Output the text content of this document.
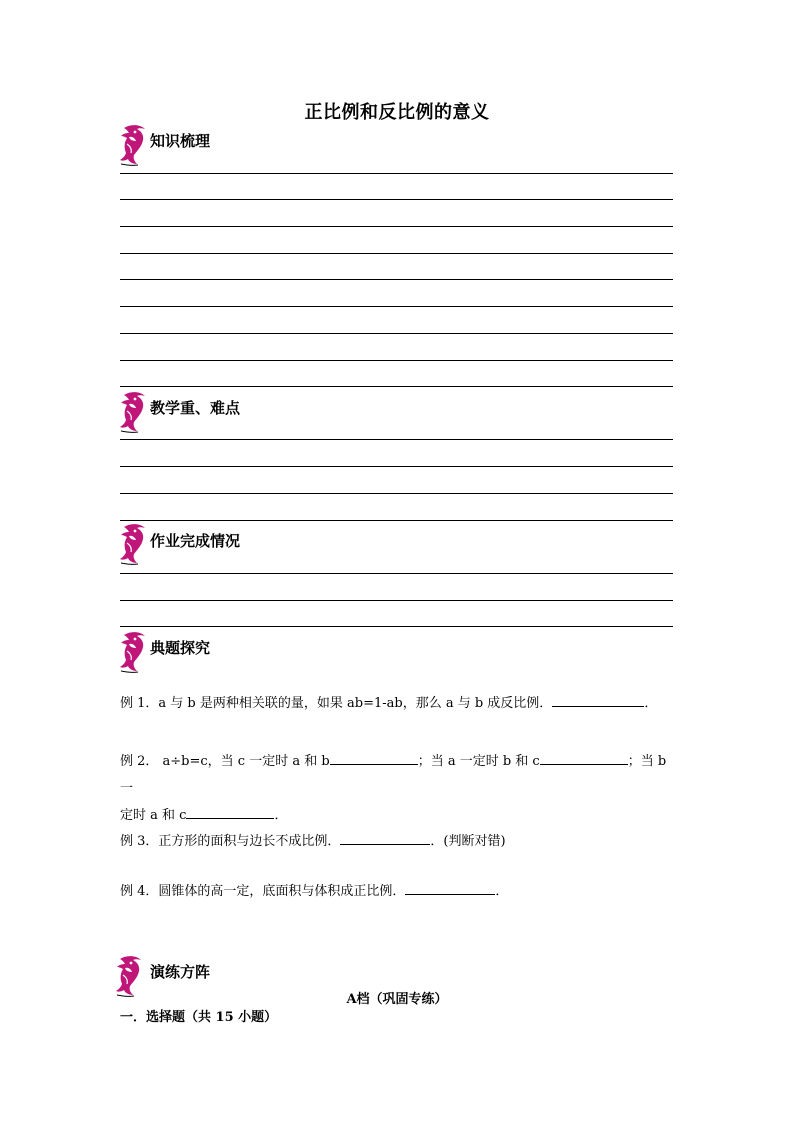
正比例和反比例的意义
知识梳理
教学重、难点
作业完成情况
典题探究
例 1．a 与 b 是两种相关联的量，如果 ab=1-ab，那么 a 与 b 成反比例．	．
例 2． a÷b=c，当 c 一定时 a 和 b	；当 a 一定时 b 和 c	；当 b 一
定时 a 和 c	．
例 3．正方形的面积与边长不成比例．	．(判断对错)
例 4．圆锥体的高一定，底面积与体积成正比例．	．
演练方阵
A档（巩固专练）
一．选择题（共 15 小题）
